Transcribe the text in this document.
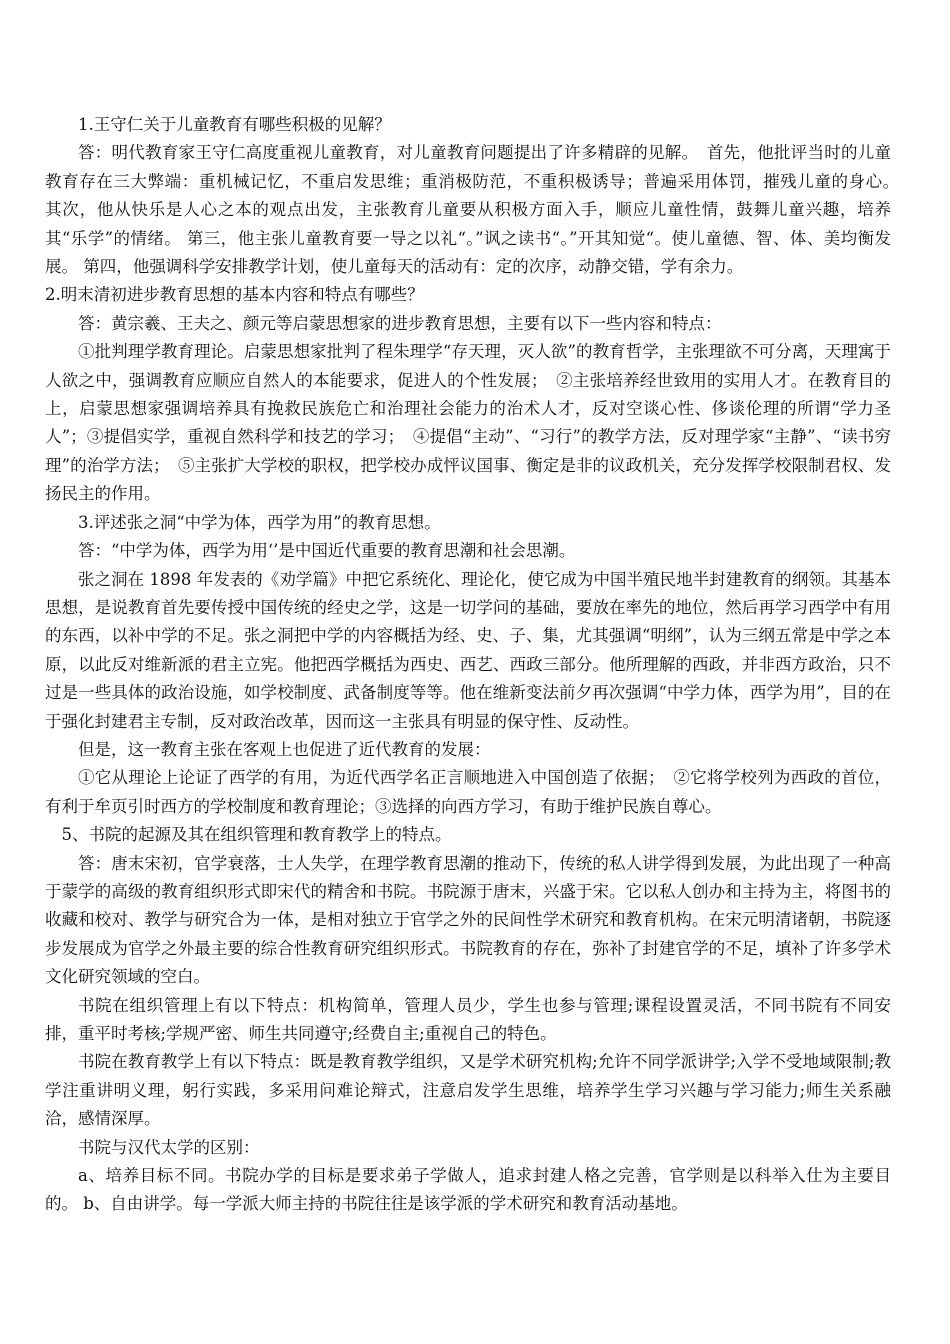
1.王守仁关于儿童教育有哪些积极的见解？

答：明代教育家王守仁高度重视儿童教育，对儿童教育问题提出了许多精辟的见解。　首先，他批评当时的儿童教育存在三大弊端：重机械记忆，不重启发思维；重消极防范，不重积极诱导；普遍采用体罚，摧残儿童的身心。　其次，他从快乐是人心之本的观点出发，主张教育儿童要从积极方面入手，顺应儿童性情，鼓舞儿童兴趣，培养其“乐学”的情绪。 第三，他主张儿童教育要一导之以礼“。”讽之读书“。”开其知觉“。使儿童德、智、体、美均衡发展。 第四，他强调科学安排教学计划，使儿童每天的活动有：定的次序，动静交错，学有余力。

2.明末清初进步教育思想的基本内容和特点有哪些？

答：黄宗羲、王夫之、颜元等启蒙思想家的进步教育思想，主要有以下一些内容和特点：

①批判理学教育理论。启蒙思想家批判了程朱理学“存天理，灭人欲”的教育哲学，主张理欲不可分离，天理寓于人欲之中，强调教育应顺应自然人的本能要求，促进人的个性发展；　②主张培养经世致用的实用人才。在教育目的上，启蒙思想家强调培养具有挽救民族危亡和治理社会能力的治术人才，反对空谈心性、侈谈伦理的所谓“学力圣人”；③提倡实学，重视自然科学和技艺的学习；　④提倡“主动”、“习行”的教学方法，反对理学家“主静”、“读书穷理”的治学方法；　⑤主张扩大学校的职权，把学校办成怦议国事、衡定是非的议政机关，充分发挥学校限制君权、发扬民主的作用。

3.评述张之洞“中学为体，西学为用”的教育思想。

答：“中学为体，西学为用‘’是中国近代重要的教育思潮和社会思潮。

张之洞在 1898 年发表的《劝学篇》中把它系统化、理论化，使它成为中国半殖民地半封建教育的纲领。其基本思想，是说教育首先要传授中国传统的经史之学，这是一切学问的基础，要放在率先的地位，然后再学习西学中有用的东西，以补中学的不足。张之洞把中学的内容概括为经、史、子、集，尤其强调“明纲”，认为三纲五常是中学之本原，以此反对维新派的君主立宪。他把西学概括为西史、西艺、西政三部分。他所理解的西政，并非西方政治，只不过是一些具体的政治设施，如学校制度、武备制度等等。他在维新变法前夕再次强调“中学力体，西学为用”，目的在于强化封建君主专制，反对政治改革，因而这一主张具有明显的保守性、反动性。

但是，这一教育主张在客观上也促进了近代教育的发展：

①它从理论上论证了西学的有用，为近代西学名正言顺地进入中国创造了依据；　②它将学校列为西政的首位，有利于牟页引时西方的学校制度和教育理论；③选择的向西方学习，有助于维护民族自尊心。

5、书院的起源及其在组织管理和教育教学上的特点。

答：唐末宋初，官学衰落，士人失学，在理学教育思潮的推动下，传统的私人讲学得到发展，为此出现了一种高于蒙学的高级的教育组织形式即宋代的精舍和书院。书院源于唐末，兴盛于宋。它以私人创办和主持为主，将图书的收藏和校对、教学与研究合为一体，是相对独立于官学之外的民间性学术研究和教育机构。在宋元明清诸朝，书院逐步发展成为官学之外最主要的综合性教育研究组织形式。书院教育的存在，弥补了封建官学的不足，填补了许多学术文化研究领域的空白。

书院在组织管理上有以下特点：机构简单，管理人员少，学生也参与管理;课程设置灵活，不同书院有不同安排，重平时考核;学规严密、师生共同遵守;经费自主;重视自己的特色。

书院在教育教学上有以下特点：既是教育教学组织，又是学术研究机构;允许不同学派讲学;入学不受地域限制;教学注重讲明义理，躬行实践，多采用问难论辩式，注意启发学生思维，培养学生学习兴趣与学习能力;师生关系融洽，感情深厚。

书院与汉代太学的区别：

a、培养目标不同。书院办学的目标是要求弟子学做人，追求封建人格之完善，官学则是以科举入仕为主要目的。 b、自由讲学。每一学派大师主持的书院往往是该学派的学术研究和教育活动基地。
